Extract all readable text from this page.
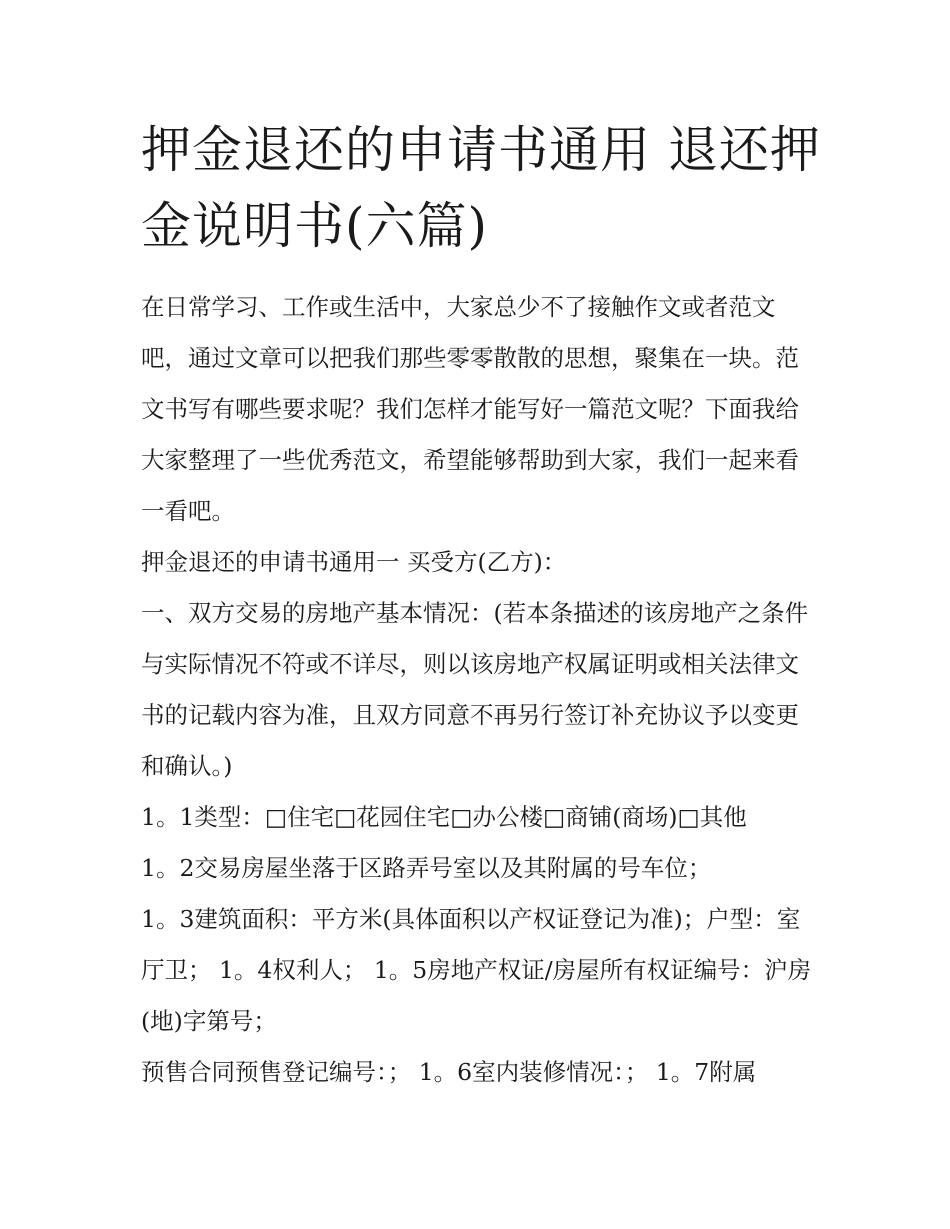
押金退还的申请书通用 退还押金说明书(六篇)

在日常学习、工作或生活中，大家总少不了接触作文或者范文吧，通过文章可以把我们那些零零散散的思想，聚集在一块。范文书写有哪些要求呢？我们怎样才能写好一篇范文呢？下面我给大家整理了一些优秀范文，希望能够帮助到大家，我们一起来看一看吧。

押金退还的申请书通用一 买受方(乙方)：

一、双方交易的房地产基本情况：(若本条描述的该房地产之条件与实际情况不符或不详尽，则以该房地产权属证明或相关法律文书的记载内容为准，且双方同意不再另行签订补充协议予以变更和确认。)

1。1类型：□住宅□花园住宅□办公楼□商铺(商场)□其他

1。2交易房屋坐落于区路弄号室以及其附属的号车位；

1。3建筑面积：平方米(具体面积以产权证登记为准)；户型：室厅卫； 1。4权利人； 1。5房地产权证/房屋所有权证编号：沪房(地)字第号；

预售合同预售登记编号：； 1。6室内装修情况：； 1。7附属
